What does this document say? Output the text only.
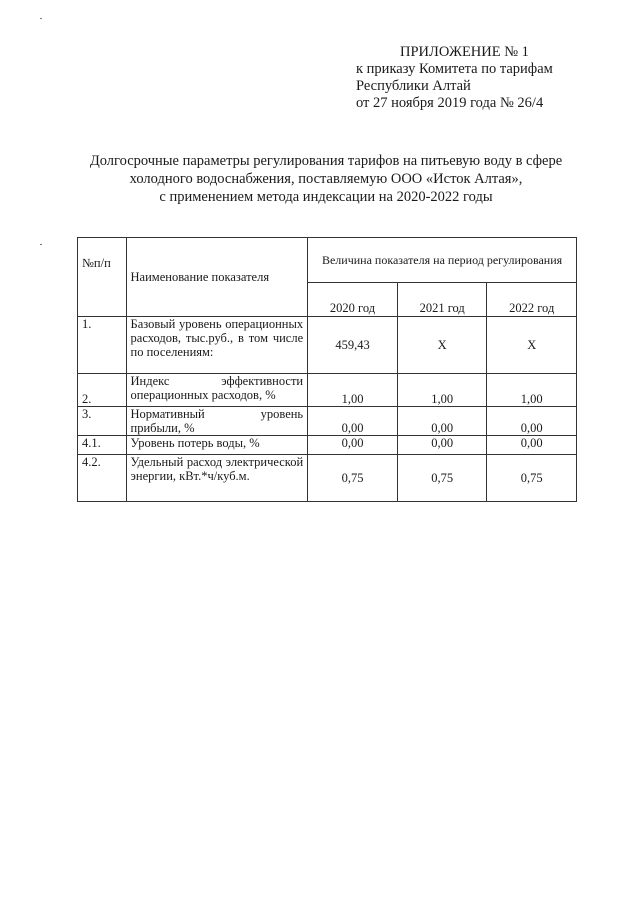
ПРИЛОЖЕНИЕ № 1
к приказу Комитета по тарифам
Республики Алтай
от 27 ноября 2019 года № 26/4
Долгосрочные параметры регулирования тарифов на питьевую воду в сфере
холодного водоснабжения, поставляемую ООО «Исток Алтая»,
с применением метода индексации на 2020-2022 годы
№п/п	Наименование показателя	Величина показателя на период регулирования		
		2020 год	2021 год	2022 год
1.	Базовый уровень операционных расходов, тыс.руб., в том числе по поселениям:	459,43	Х	Х
2.	Индекс эффективности операционных расходов, %	1,00	1,00	1,00
3.	Нормативный уровень прибыли, %	0,00	0,00	0,00
4.1.	Уровень потерь воды, %	0,00	0,00	0,00
4.2.	Удельный расход электрической энергии, кВт.*ч/куб.м.	0,75	0,75	0,75
